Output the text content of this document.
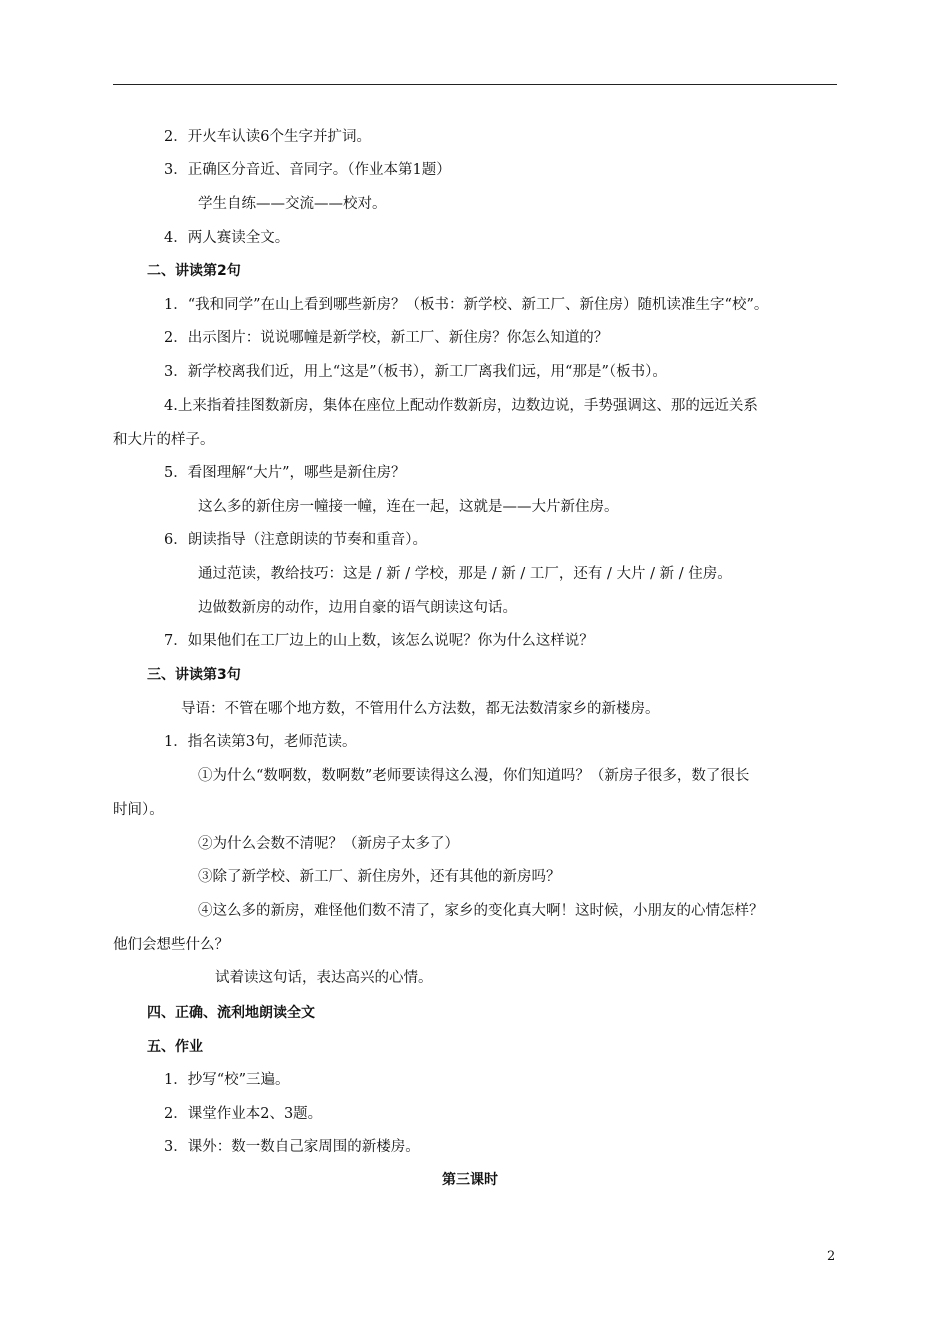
2．开火车认读6个生字并扩词。
3．正确区分音近、音同字。（作业本第1题）
学生自练——交流——校对。
4．两人赛读全文。
二、讲读第2句
1．“我和同学”在山上看到哪些新房？（板书：新学校、新工厂、新住房）随机读准生字“校”。
2．出示图片：说说哪幢是新学校，新工厂、新住房？你怎么知道的？
3．新学校离我们近，用上“这是”（板书），新工厂离我们远，用“那是”（板书）。
4.上来指着挂图数新房，集体在座位上配动作数新房，边数边说，手势强调这、那的远近关系
和大片的样子。
5．看图理解“大片”，哪些是新住房？
这么多的新住房一幢接一幢，连在一起，这就是——大片新住房。
6．朗读指导（注意朗读的节奏和重音）。
通过范读，教给技巧：这是 / 新 / 学校，那是 / 新 / 工厂，还有 / 大片 / 新 / 住房。
边做数新房的动作，边用自豪的语气朗读这句话。
7．如果他们在工厂边上的山上数，该怎么说呢？你为什么这样说？
三、讲读第3句
导语：不管在哪个地方数，不管用什么方法数，都无法数清家乡的新楼房。
1．指名读第3句，老师范读。
①为什么“数啊数，数啊数”老师要读得这么漫，你们知道吗？（新房子很多，数了很长
时间）。
②为什么会数不清呢？（新房子太多了）
③除了新学校、新工厂、新住房外，还有其他的新房吗？
④这么多的新房，难怪他们数不清了，家乡的变化真大啊！这时候，小朋友的心情怎样？
他们会想些什么？
试着读这句话，表达高兴的心情。
四、正确、流利地朗读全文
五、作业
1．抄写“校”三遍。
2．课堂作业本2、3题。
3．课外：数一数自己家周围的新楼房。
第三课时
2
